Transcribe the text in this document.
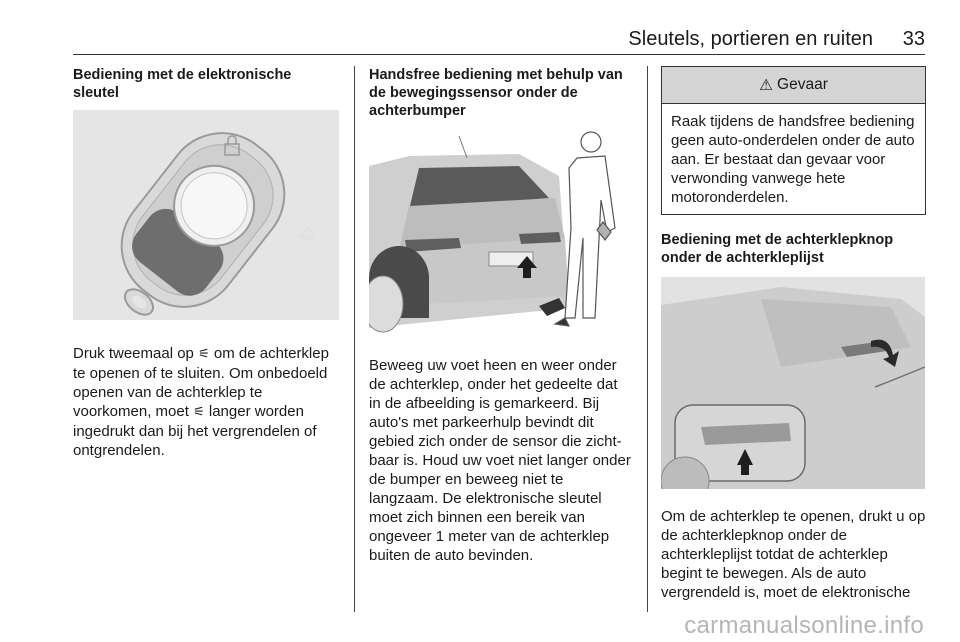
Sleutels, portieren en ruiten 33
Bediening met de elektronische sleutel

Druk tweemaal op ⚟ om de achterklep te openen of te sluiten. Om onbedoeld openen van de achterklep te voorkomen, moet ⚟ langer worden ingedrukt dan bij het vergrendelen of ontgrendelen.

Handsfree bediening met behulp van de bewegingssensor onder de achterbumper

Beweeg uw voet heen en weer onder de achterklep, onder het gedeelte dat in de afbeelding is gemarkeerd. Bij auto's met parkeerhulp bevindt dit gebied zich onder de sensor die zichtbaar is. Houd uw voet niet langer onder de bumper en beweeg niet te langzaam. De elektronische sleutel moet zich binnen een bereik van ongeveer 1 meter van de achterklep buiten de auto bevinden.

⚠ Gevaar
Raak tijdens de handsfree bediening geen auto-onderdelen onder de auto aan. Er bestaat dan gevaar voor verwonding vanwege hete motoronderdelen.
Bediening met de achterklepknop onder de achterkleplijst

Om de achterklep te openen, drukt u op de achterklepknop onder de achterkleplijst totdat de achterklep begint te bewegen. Als de auto vergrendeld is, moet de elektronische

carmanualsonline.info
